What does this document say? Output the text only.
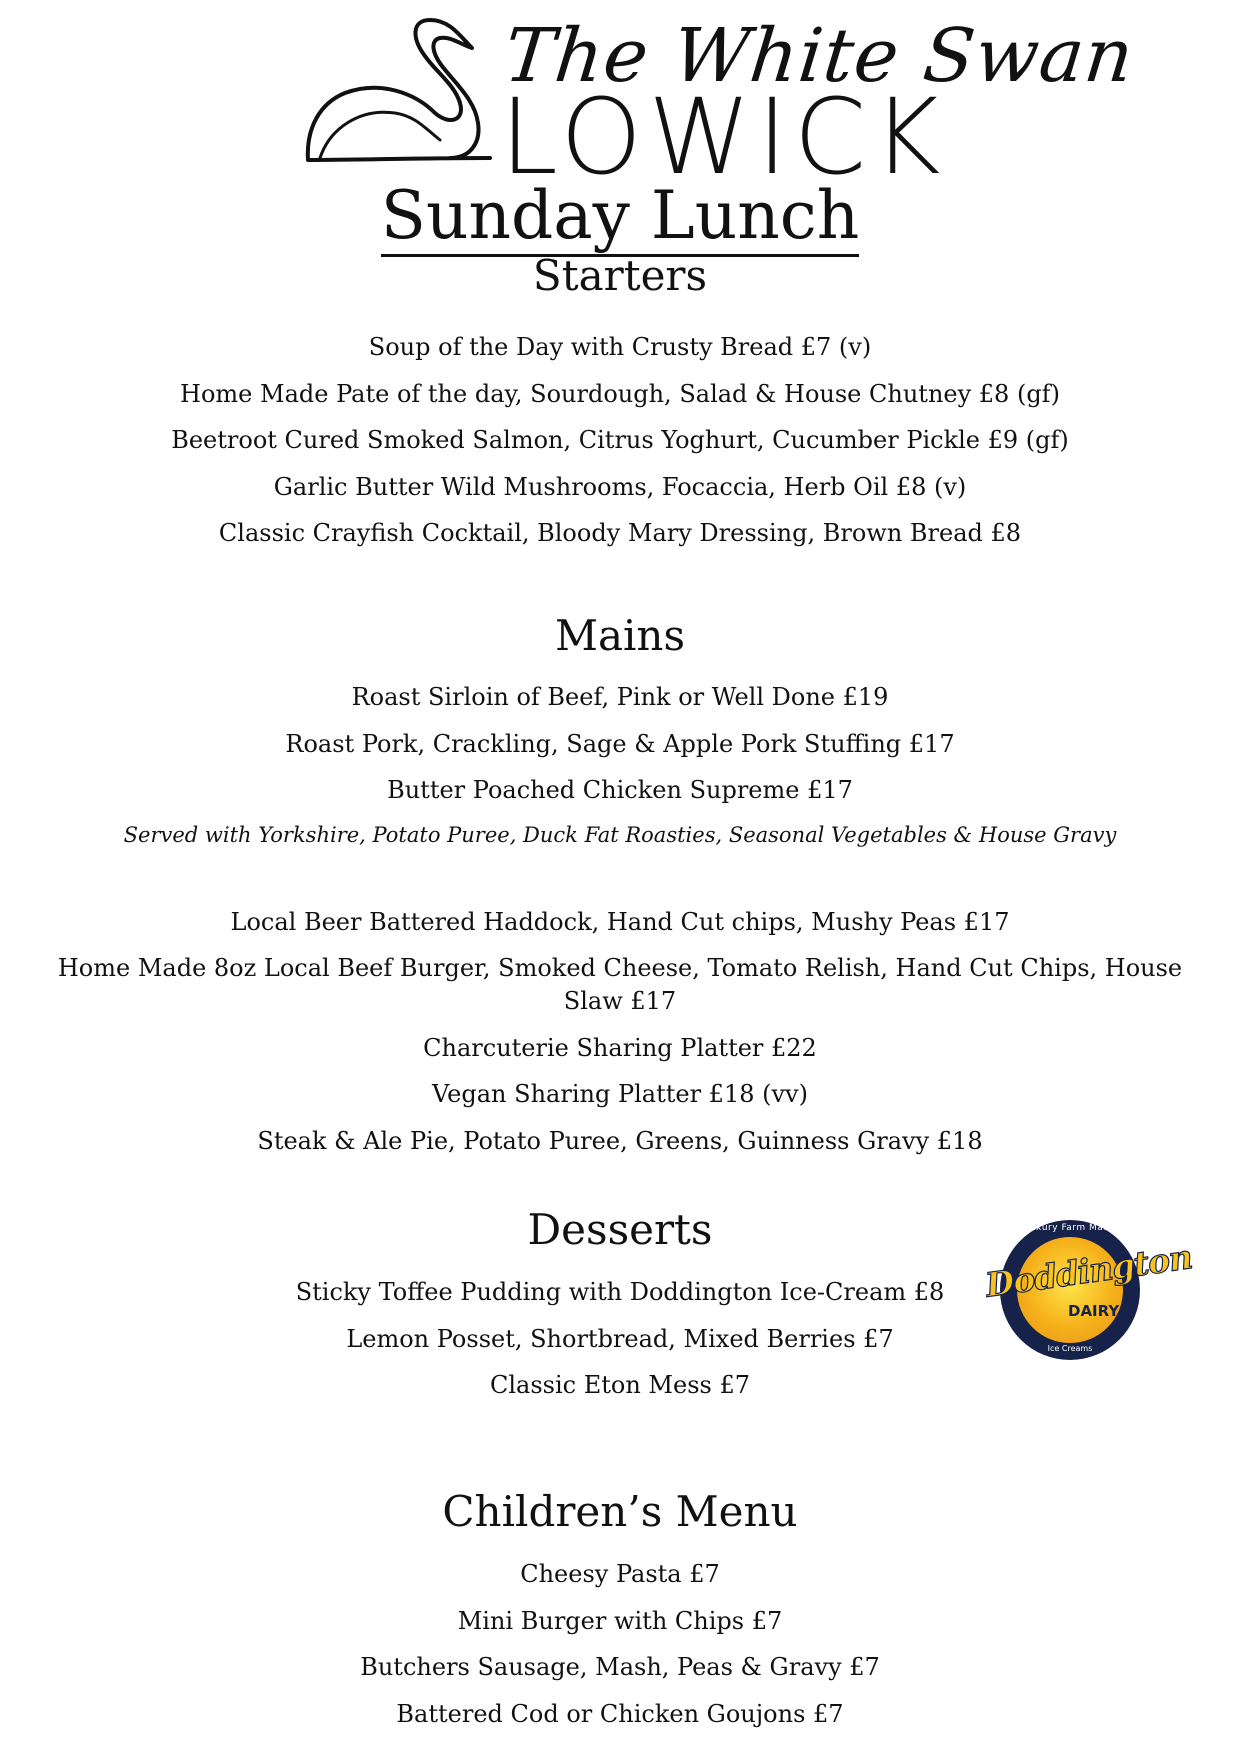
The White Swan
LOWICK
Sunday Lunch
Starters
Soup of the Day with Crusty Bread £7 (v)
Home Made Pate of the day, Sourdough, Salad & House Chutney £8 (gf)
Beetroot Cured Smoked Salmon, Citrus Yoghurt, Cucumber Pickle £9 (gf)
Garlic Butter Wild Mushrooms, Focaccia, Herb Oil £8 (v)
Classic Crayfish Cocktail, Bloody Mary Dressing, Brown Bread £8
Mains
Roast Sirloin of Beef, Pink or Well Done £19
Roast Pork, Crackling, Sage & Apple Pork Stuffing £17
Butter Poached Chicken Supreme £17
Served with Yorkshire, Potato Puree, Duck Fat Roasties, Seasonal Vegetables & House Gravy
Local Beer Battered Haddock, Hand Cut chips, Mushy Peas £17
Home Made 8oz Local Beef Burger, Smoked Cheese, Tomato Relish, Hand Cut Chips, House Slaw £17
Charcuterie Sharing Platter £22
Vegan Sharing Platter £18 (vv)
Steak & Ale Pie, Potato Puree, Greens, Guinness Gravy £18
Desserts
Sticky Toffee Pudding with Doddington Ice-Cream £8
Lemon Posset, Shortbread, Mixed Berries £7
Classic Eton Mess £7
Luxury Farm Made
Doddington
DAIRY
Ice Creams
Children’s Menu
Cheesy Pasta £7
Mini Burger with Chips £7
Butchers Sausage, Mash, Peas & Gravy £7
Battered Cod or Chicken Goujons £7
